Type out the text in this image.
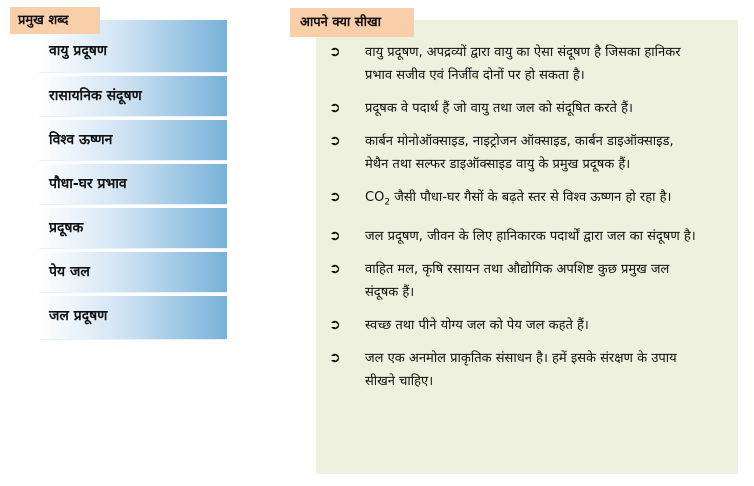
वायु प्रदूषण
रासायनिक संदूषण
विश्व ऊष्णन
पौधा-घर प्रभाव
प्रदूषक
पेय जल
जल प्रदूषण
प्रमुख शब्द	आपने क्या सीखा
➲ वायु प्रदूषण, अपद्रव्यों द्वारा वायु का ऐसा संदूषण है जिसका हानिकर प्रभाव सजीव एवं निर्जीव दोनों पर हो सकता है।
➲ प्रदूषक वे पदार्थ हैं जो वायु तथा जल को संदूषित करते हैं।
➲ कार्बन मोनोऑक्साइड, नाइट्रोजन ऑक्साइड, कार्बन डाइऑक्साइड, मेथैन तथा सल्फर डाइऑक्साइड वायु के प्रमुख प्रदूषक हैं।
➲ $CO_2$ जैसी पौधा-घर गैसों के बढ़ते स्तर से विश्व ऊष्णन हो रहा है।
➲ जल प्रदूषण, जीवन के लिए हानिकारक पदार्थों द्वारा जल का संदूषण है।
➲ वाहित मल, कृषि रसायन तथा औद्योगिक अपशिष्ट कुछ प्रमुख जल संदूषक हैं।
➲ स्वच्छ तथा पीने योग्य जल को पेय जल कहते हैं।
➲ जल एक अनमोल प्राकृतिक संसाधन है। हमें इसके संरक्षण के उपाय सीखने चाहिए।
